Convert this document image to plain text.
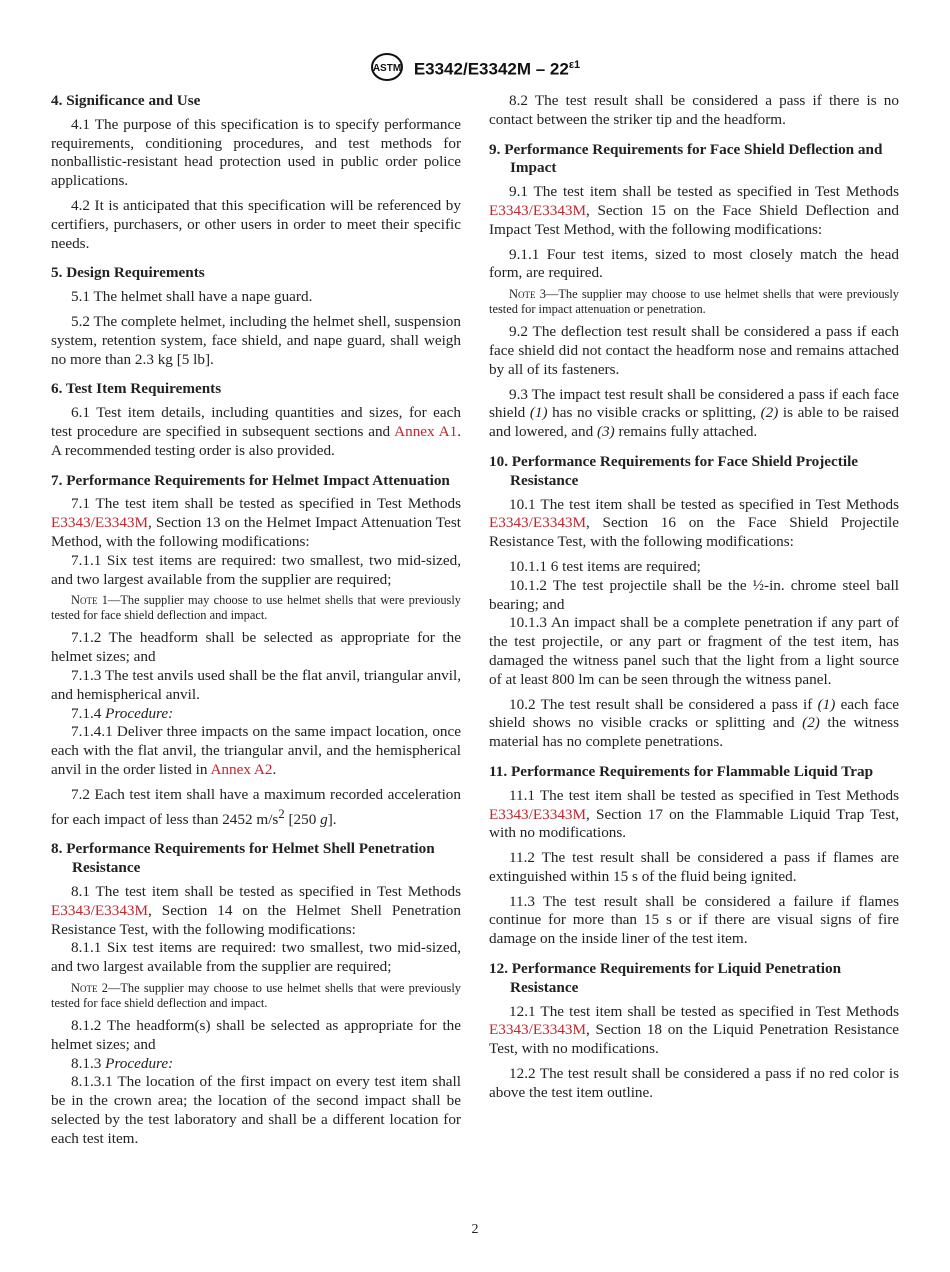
ASTM $E3342/E3342M - 22^{\varepsilon 1}$
4. Significance and Use
4.1 The purpose of this specification is to specify performance requirements, conditioning procedures, and test methods for nonballistic-resistant head protection used in public order police applications.
4.2 It is anticipated that this specification will be referenced by certifiers, purchasers, or other users in order to meet their specific needs.
5. Design Requirements
5.1 The helmet shall have a nape guard.
5.2 The complete helmet, including the helmet shell, suspension system, retention system, face shield, and nape guard, shall weigh no more than 2.3 kg [5 lb].
6. Test Item Requirements
6.1 Test item details, including quantities and sizes, for each test procedure are specified in subsequent sections and Annex A1. A recommended testing order is also provided.
7. Performance Requirements for Helmet Impact Attenuation
7.1 The test item shall be tested as specified in Test Methods E3343/E3343M, Section 13 on the Helmet Impact Attenuation Test Method, with the following modifications:
7.1.1 Six test items are required: two smallest, two mid-sized, and two largest available from the supplier are required;
Note 1—The supplier may choose to use helmet shells that were previously tested for face shield deflection and impact.
7.1.2 The headform shall be selected as appropriate for the helmet sizes; and
7.1.3 The test anvils used shall be the flat anvil, triangular anvil, and hemispherical anvil.
7.1.4 Procedure:
7.1.4.1 Deliver three impacts on the same impact location, once each with the flat anvil, the triangular anvil, and the hemispherical anvil in the order listed in Annex A2.
7.2 Each test item shall have a maximum recorded acceleration for each impact of less than 2452 $m/s^2$ [250 g].
8. Performance Requirements for Helmet Shell Penetration Resistance
8.1 The test item shall be tested as specified in Test Methods E3343/E3343M, Section 14 on the Helmet Shell Penetration Resistance Test, with the following modifications:
8.1.1 Six test items are required: two smallest, two mid-sized, and two largest available from the supplier are required;
Note 2—The supplier may choose to use helmet shells that were previously tested for face shield deflection and impact.
8.1.2 The headform(s) shall be selected as appropriate for the helmet sizes; and
8.1.3 Procedure:
8.1.3.1 The location of the first impact on every test item shall be in the crown area; the location of the second impact shall be selected by the test laboratory and shall be a different location for each test item.
8.2 The test result shall be considered a pass if there is no contact between the striker tip and the headform.
9. Performance Requirements for Face Shield Deflection and Impact
9.1 The test item shall be tested as specified in Test Methods E3343/E3343M, Section 15 on the Face Shield Deflection and Impact Test Method, with the following modifications:
9.1.1 Four test items, sized to most closely match the head form, are required.
Note 3—The supplier may choose to use helmet shells that were previously tested for impact attenuation or penetration.
9.2 The deflection test result shall be considered a pass if each face shield did not contact the headform nose and remains attached by all of its fasteners.
9.3 The impact test result shall be considered a pass if each face shield (1) has no visible cracks or splitting, (2) is able to be raised and lowered, and (3) remains fully attached.
10. Performance Requirements for Face Shield Projectile Resistance
10.1 The test item shall be tested as specified in Test Methods E3343/E3343M, Section 16 on the Face Shield Projectile Resistance Test, with the following modifications:
10.1.1 6 test items are required;
10.1.2 The test projectile shall be the ½-in. chrome steel ball bearing; and
10.1.3 An impact shall be a complete penetration if any part of the test projectile, or any part or fragment of the test item, has damaged the witness panel such that the light from a light source of at least 800 lm can be seen through the witness panel.
10.2 The test result shall be considered a pass if (1) each face shield shows no visible cracks or splitting and (2) the witness material has no complete penetrations.
11. Performance Requirements for Flammable Liquid Trap
11.1 The test item shall be tested as specified in Test Methods E3343/E3343M, Section 17 on the Flammable Liquid Trap Test, with no modifications.
11.2 The test result shall be considered a pass if flames are extinguished within 15 s of the fluid being ignited.
11.3 The test result shall be considered a failure if flames continue for more than 15 s or if there are visual signs of fire damage on the inside liner of the test item.
12. Performance Requirements for Liquid Penetration Resistance
12.1 The test item shall be tested as specified in Test Methods E3343/E3343M, Section 18 on the Liquid Penetration Resistance Test, with no modifications.
12.2 The test result shall be considered a pass if no red color is above the test item outline.
2
